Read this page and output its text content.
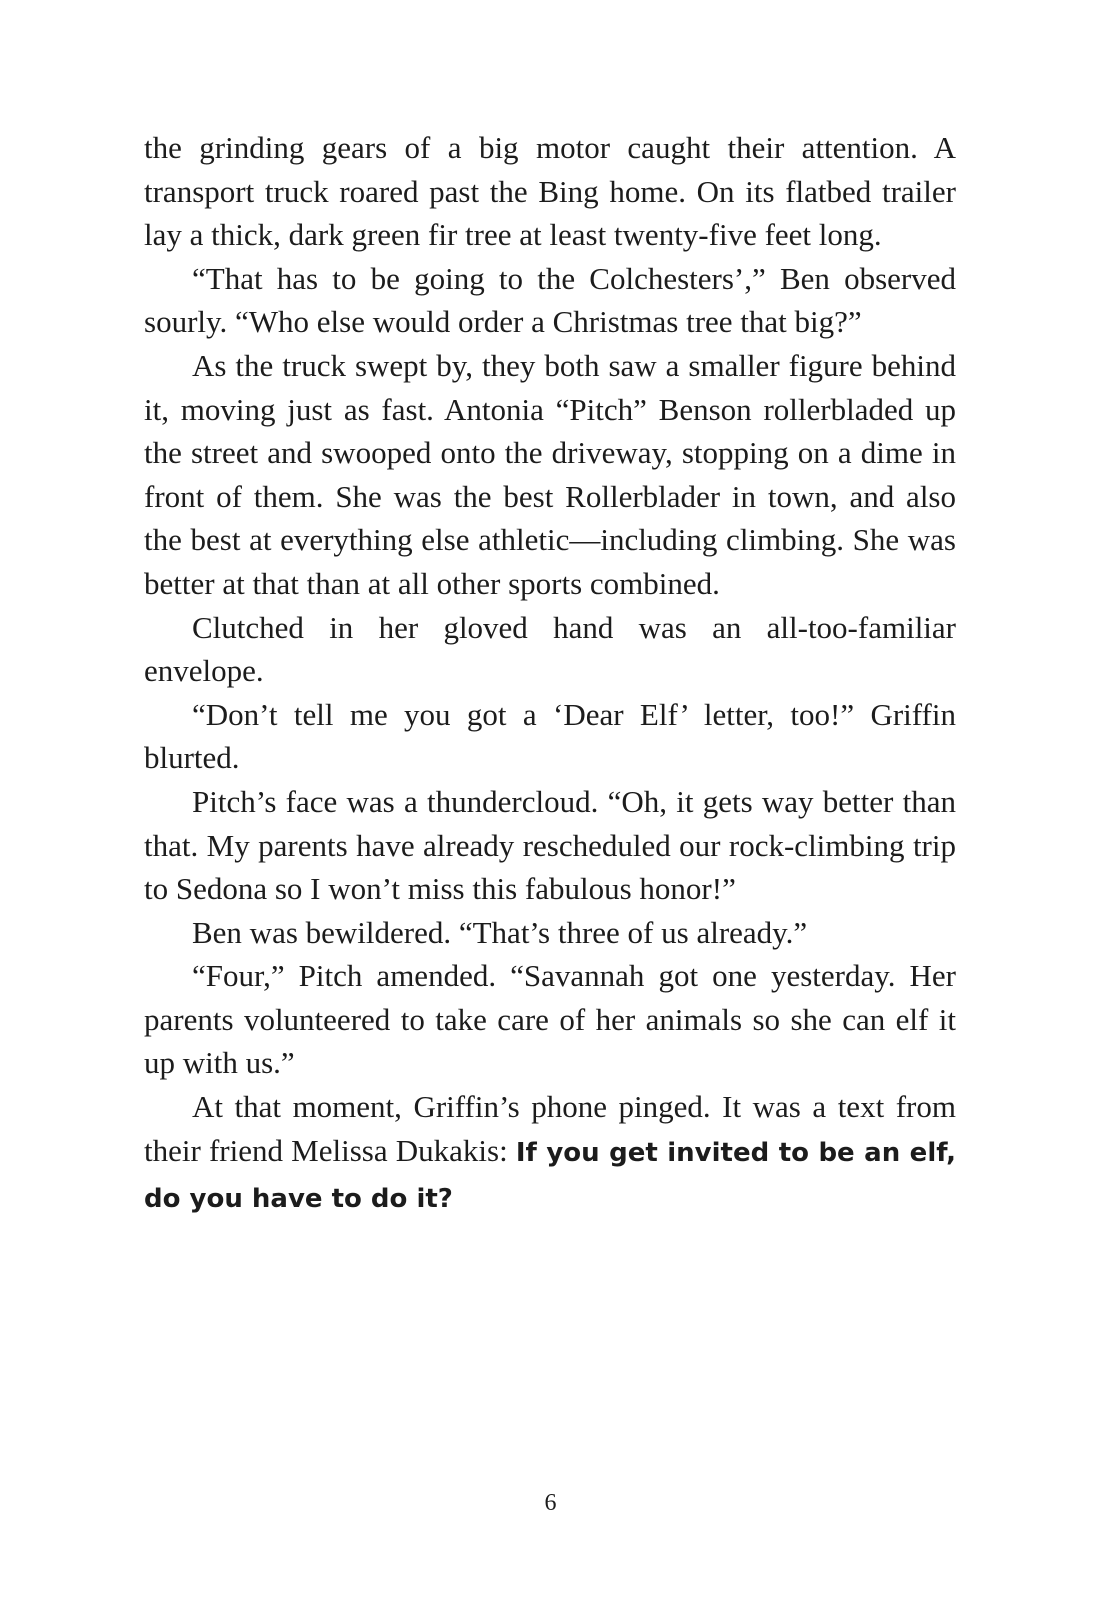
the grinding gears of a big motor caught their attention. A transport truck roared past the Bing home. On its flatbed trailer lay a thick, dark green fir tree at least twenty-five feet long.

“That has to be going to the Colchesters’,” Ben observed sourly. “Who else would order a Christmas tree that big?”

As the truck swept by, they both saw a smaller figure behind it, moving just as fast. Antonia “Pitch” Benson rollerbladed up the street and swooped onto the driveway, stopping on a dime in front of them. She was the best Rollerblader in town, and also the best at everything else athletic—including climbing. She was better at that than at all other sports combined.

Clutched in her gloved hand was an all-too-familiar envelope.

“Don’t tell me you got a ‘Dear Elf’ letter, too!” Griffin blurted.

Pitch’s face was a thundercloud. “Oh, it gets way better than that. My parents have already rescheduled our rock-climbing trip to Sedona so I won’t miss this fabulous honor!”

Ben was bewildered. “That’s three of us already.”

“Four,” Pitch amended. “Savannah got one yesterday. Her parents volunteered to take care of her animals so she can elf it up with us.”

At that moment, Griffin’s phone pinged. It was a text from their friend Melissa Dukakis: If you get invited to be an elf, do you have to do it?

6
